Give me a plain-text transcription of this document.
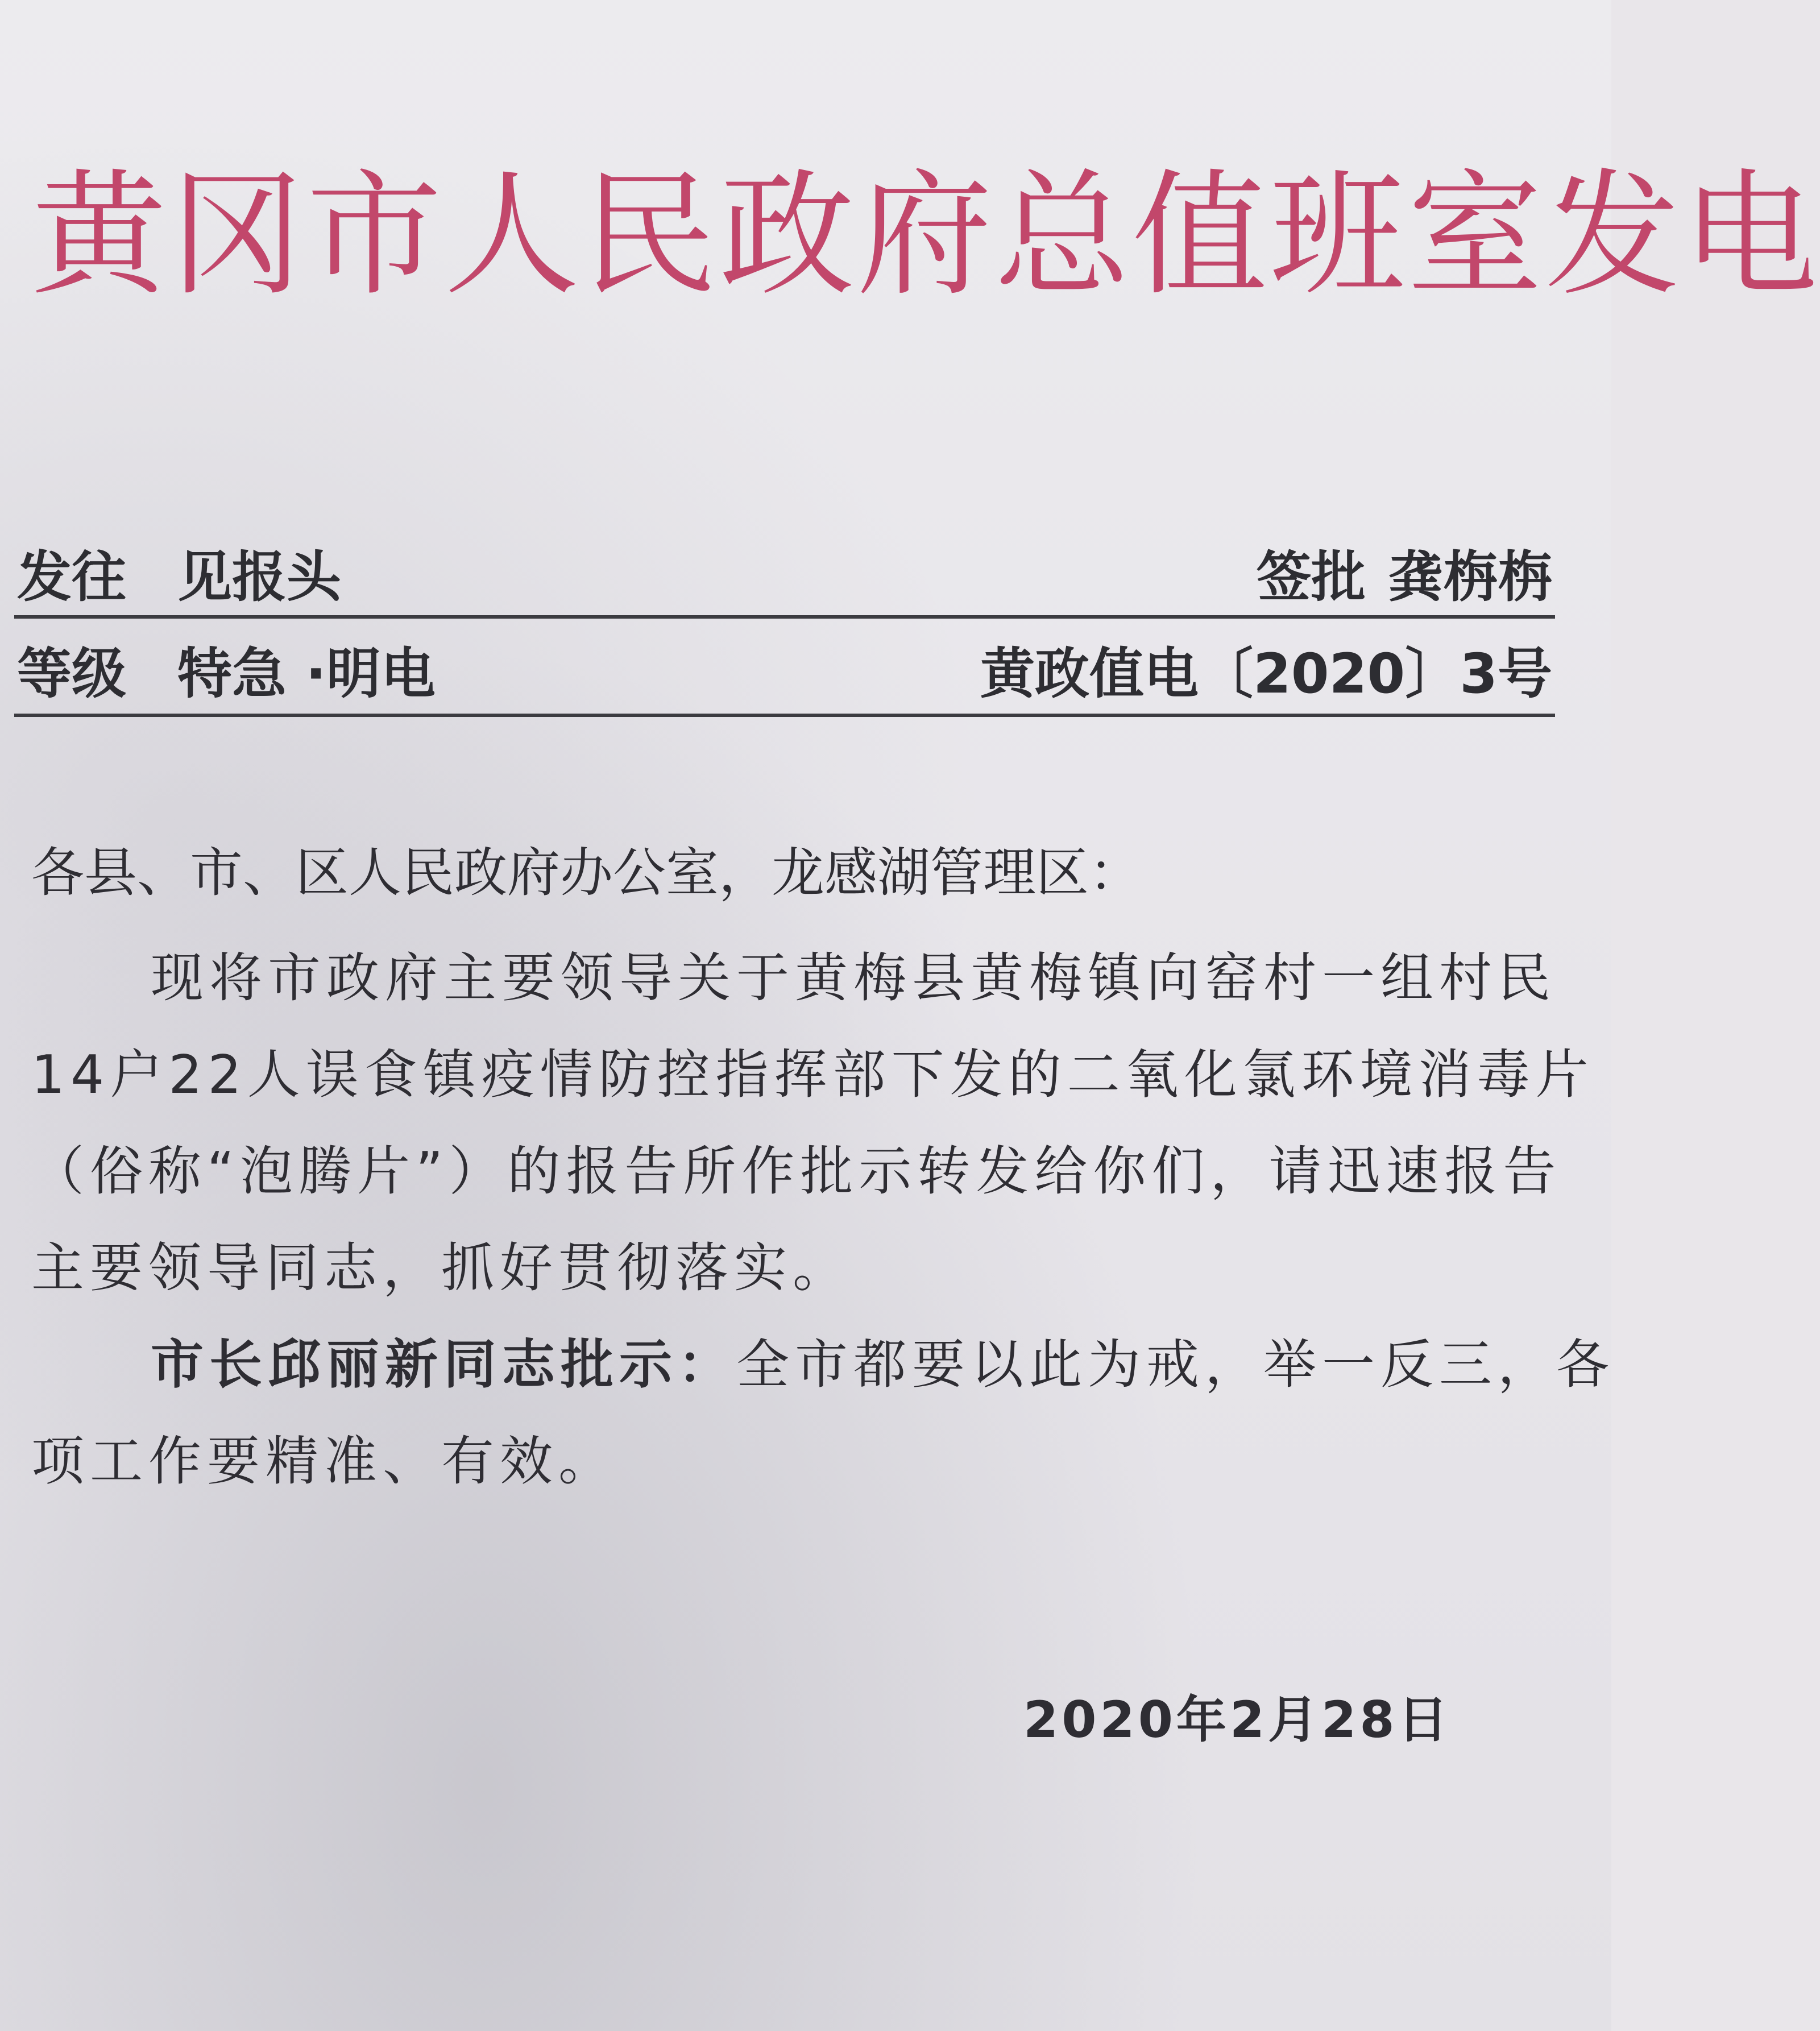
黄冈市人民政府总值班室发电
发往 见报头	签批 龚栴栴
等级 特急 ·明电	黄政值电〔2020〕3号
各县、市、区人民政府办公室，龙感湖管理区：
现将市政府主要领导关于黄梅县黄梅镇向窑村一组村民
14户22人误食镇疫情防控指挥部下发的二氧化氯环境消毒片
（俗称“泡腾片”）的报告所作批示转发给你们，请迅速报告
主要领导同志，抓好贯彻落实。
市长邱丽新同志批示：全市都要以此为戒，举一反三，各
项工作要精准、有效。
2020年2月28日
